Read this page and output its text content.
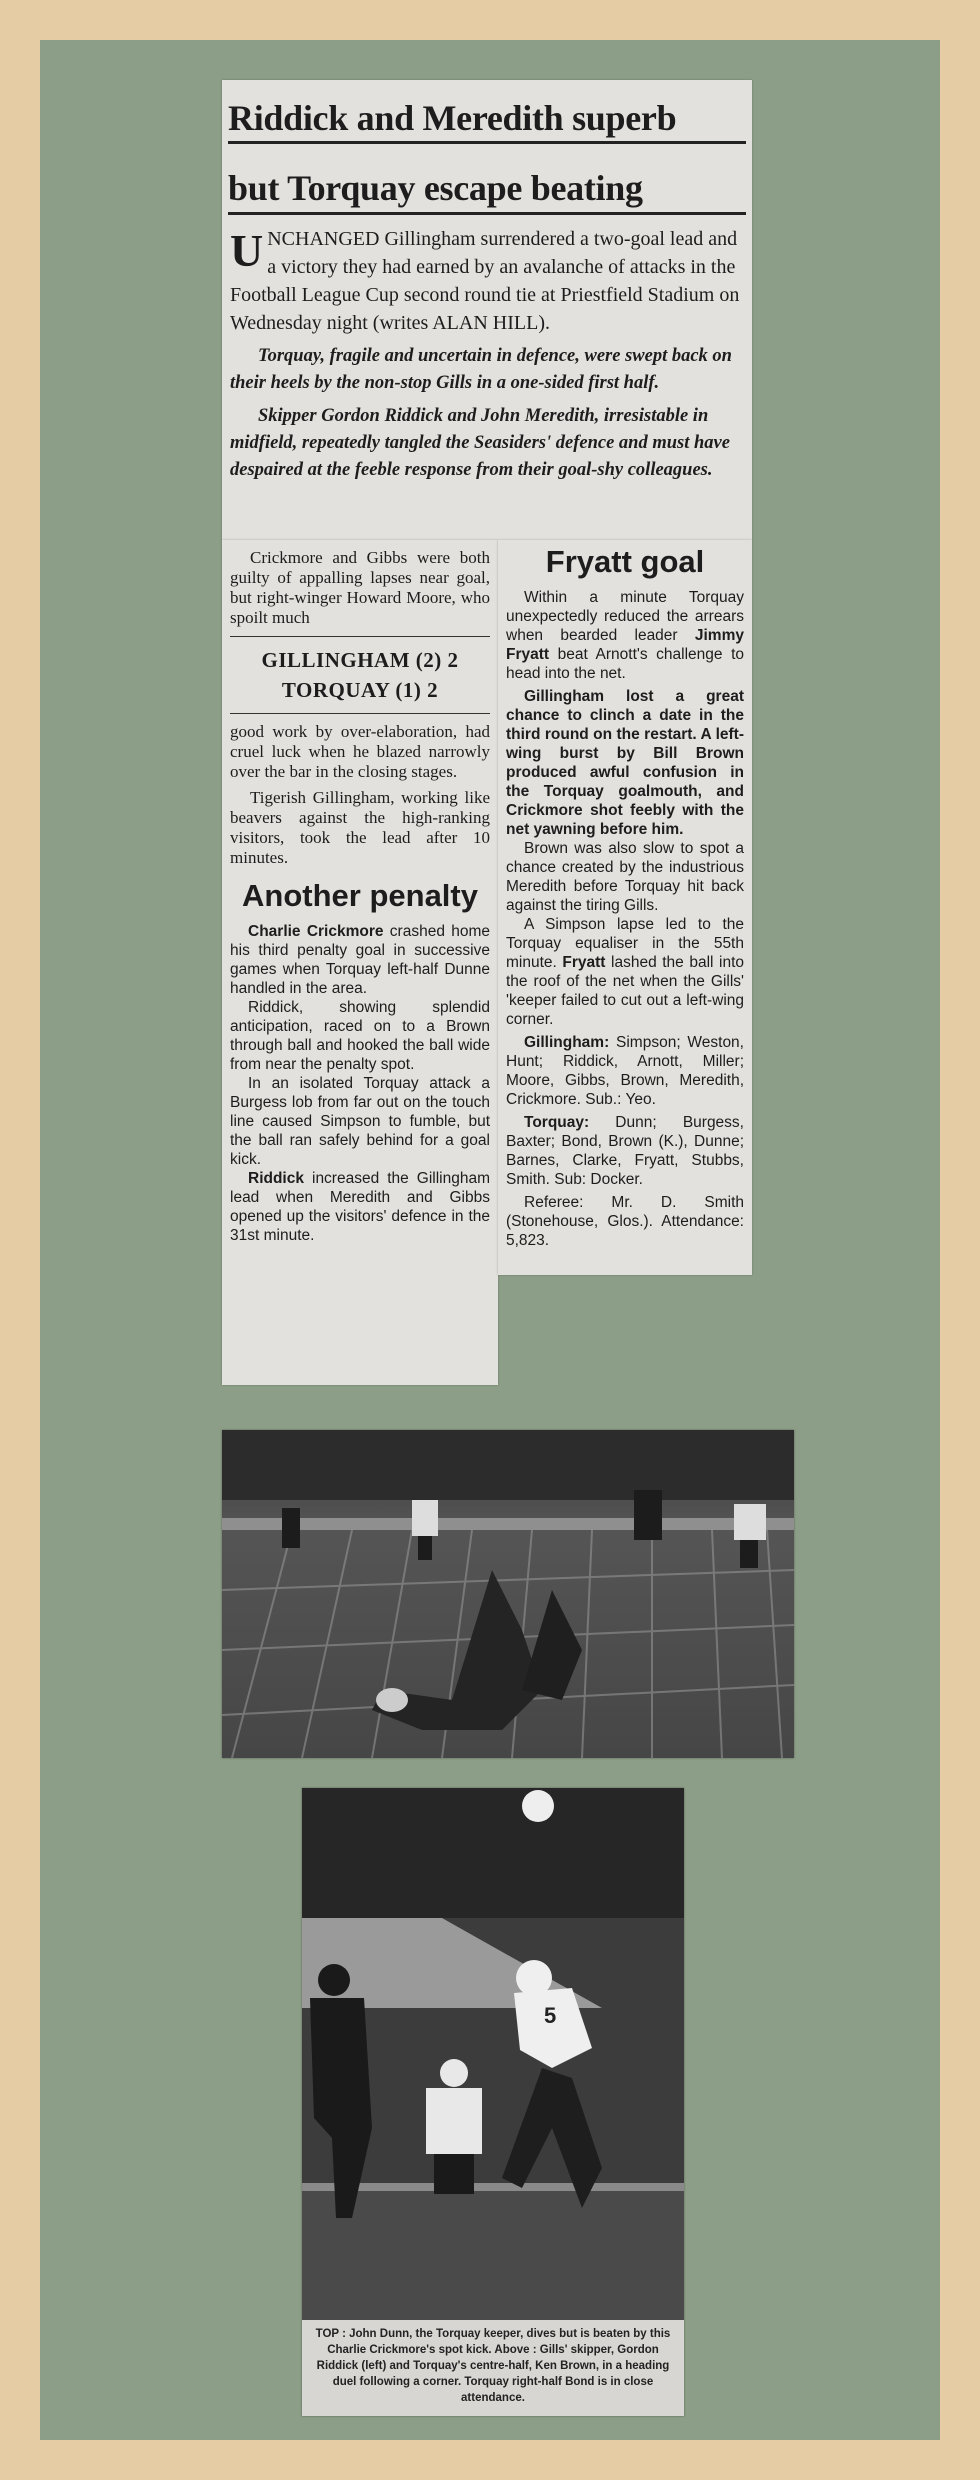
Riddick and Meredith superb
but Torquay escape beating

UNCHANGED Gillingham surrendered a two-goal lead and a victory they had earned by an avalanche of attacks in the Football League Cup second round tie at Priestfield Stadium on Wednesday night (writes ALAN HILL).

Torquay, fragile and uncertain in defence, were swept back on their heels by the non-stop Gills in a one-sided first half.

Skipper Gordon Riddick and John Meredith, irresistable in midfield, repeatedly tangled the Seasiders' defence and must have despaired at the feeble response from their goal-shy colleagues.

Crickmore and Gibbs were both guilty of appalling lapses near goal, but right-winger Howard Moore, who spoilt much

GILLINGHAM (2) 2
TORQUAY (1) 2

good work by over-elaboration, had cruel luck when he blazed narrowly over the bar in the closing stages.

Tigerish Gillingham, working like beavers against the high-ranking visitors, took the lead after 10 minutes.

Another penalty

Charlie Crickmore crashed home his third penalty goal in successive games when Torquay left-half Dunne handled in the area.

Riddick, showing splendid anticipation, raced on to a Brown through ball and hooked the ball wide from near the penalty spot.

In an isolated Torquay attack a Burgess lob from far out on the touch line caused Simpson to fumble, but the ball ran safely behind for a goal kick.

Riddick increased the Gillingham lead when Meredith and Gibbs opened up the visitors' defence in the 31st minute.

Fryatt goal

Within a minute Torquay unexpectedly reduced the arrears when bearded leader Jimmy Fryatt beat Arnott's challenge to head into the net.

Gillingham lost a great chance to clinch a date in the third round on the restart. A left-wing burst by Bill Brown produced awful confusion in the Torquay goalmouth, and Crickmore shot feebly with the net yawning before him.

Brown was also slow to spot a chance created by the industrious Meredith before Torquay hit back against the tiring Gills.

A Simpson lapse led to the Torquay equaliser in the 55th minute. Fryatt lashed the ball into the roof of the net when the Gills' 'keeper failed to cut out a left-wing corner.

Gillingham: Simpson; Weston, Hunt; Riddick, Arnott, Miller; Moore, Gibbs, Brown, Meredith, Crickmore. Sub.: Yeo.

Torquay: Dunn; Burgess, Baxter; Bond, Brown (K.), Dunne; Barnes, Clarke, Fryatt, Stubbs, Smith. Sub: Docker.

Referee: Mr. D. Smith (Stonehouse, Glos.). Attendance: 5,823.

5
TOP : John Dunn, the Torquay keeper, dives but is beaten by this Charlie Crickmore's spot kick. Above : Gills' skipper, Gordon Riddick (left) and Torquay's centre-half, Ken Brown, in a heading duel following a corner. Torquay right-half Bond is in close attendance.
